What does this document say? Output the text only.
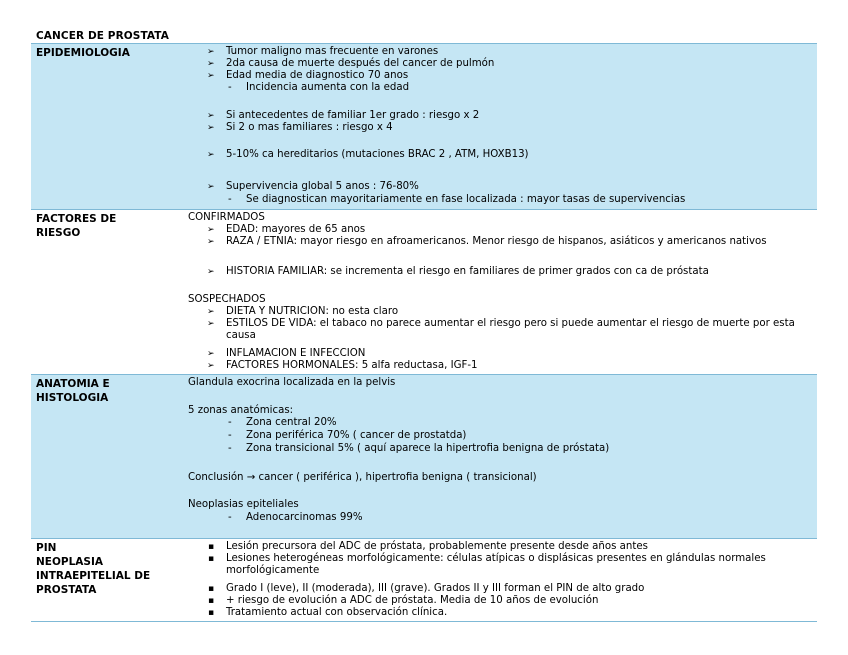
CANCER DE PROSTATA
EPIDEMIOLOGIA	➢ Tumor maligno mas frecuente en varones
➢ 2da causa de muerte después del cancer de pulmón
➢ Edad media de diagnostico 70 anos
- Incidencia aumenta con la edad
➢ Si antecedentes de familiar 1er grado : riesgo x 2
➢ Si 2 o mas familiares : riesgo x 4
➢ 5-10% ca hereditarios (mutaciones BRAC 2 , ATM, HOXB13)
➢ Supervivencia global 5 anos : 76-80%
- Se diagnostican mayoritariamente en fase localizada : mayor tasas de supervivencias
FACTORES DE
RIESGO
CONFIRMADOS
➢ EDAD: mayores de 65 anos
➢ RAZA / ETNIA: mayor riesgo en afroamericanos. Menor riesgo de hispanos, asiáticos y americanos nativos
➢ HISTORIA FAMILIAR: se incrementa el riesgo en familiares de primer grados con ca de próstata
SOSPECHADOS
➢ DIETA Y NUTRICION: no esta claro
➢ ESTILOS DE VIDA: el tabaco no parece aumentar el riesgo pero si puede aumentar el riesgo de muerte por esta causa
➢ INFLAMACION E INFECCION
➢ FACTORES HORMONALES: 5 alfa reductasa, IGF-1
ANATOMIA E
HISTOLOGIA
Glandula exocrina localizada en la pelvis
5 zonas anatómicas:
- Zona central 20%
- Zona periférica 70% ( cancer de prostatda)
- Zona transicional 5% ( aquí aparece la hipertrofia benigna de próstata)
Conclusión → cancer ( periférica ), hipertrofia benigna ( transicional)
Neoplasias epiteliales
- Adenocarcinomas 99%
PIN
NEOPLASIA
INTRAEPITELIAL DE
PROSTATA
▪ Lesión precursora del ADC de próstata, probablemente presente desde años antes
▪ Lesiones heterogéneas morfológicamente: células atípicas o displásicas presentes en glándulas normales morfológicamente
▪ Grado I (leve), II (moderada), III (grave). Grados II y III forman el PIN de alto grado
▪ + riesgo de evolución a ADC de próstata. Media de 10 años de evolución
▪ Tratamiento actual con observación clínica.
